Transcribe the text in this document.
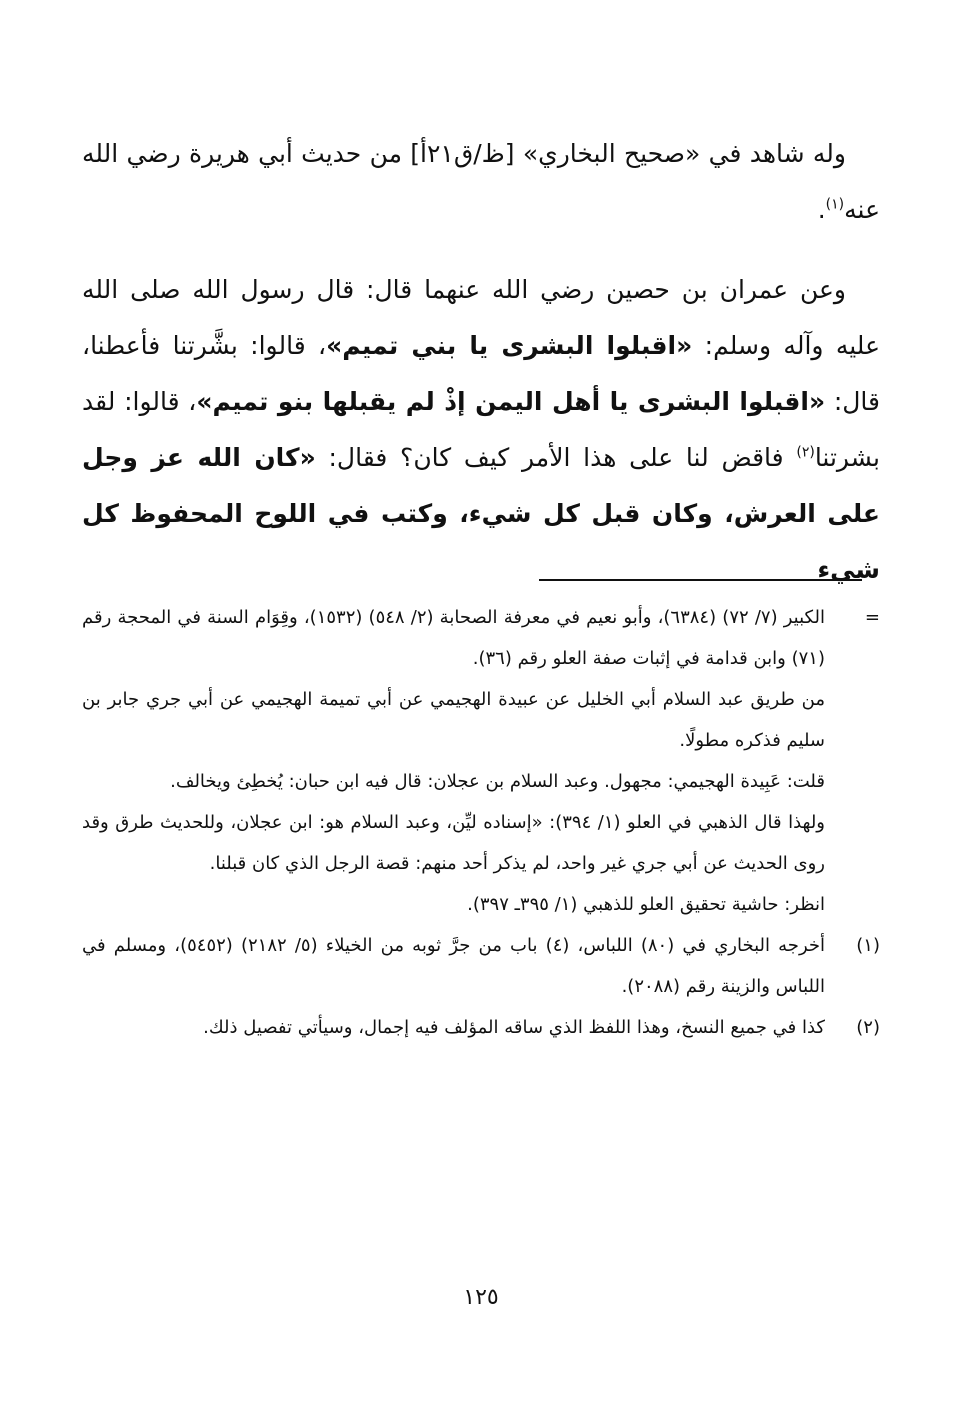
وله شاهد في «صحيح البخاري» [ظ/ق٢١أ] من حديث أبي هريرة رضي الله عنه$^{(١)}$.

وعن عمران بن حصين رضي الله عنهما قال: قال رسول الله صلى الله عليه وآله وسلم: «اقبلوا البشرى يا بني تميم»، قالوا: بشَّرتنا فأعطنا، قال: «اقبلوا البشرى يا أهل اليمن إذْ لم يقبلها بنو تميم»، قالوا: لقد بشرتنا$^{(٢)}$ فاقض لنا على هذا الأمر كيف كان؟ فقال: «كان الله عز وجل على العرش، وكان قبل كل شيء، وكتب في اللوح المحفوظ كل شيء

=

الكبير (٧/ ٧٢) (٦٣٨٤)، وأبو نعيم في معرفة الصحابة (٢/ ٥٤٨) (١٥٣٢)، وقِوَام السنة في المحجة رقم (٧١) وابن قدامة في إثبات صفة العلو رقم (٣٦).

من طريق عبد السلام أبي الخليل عن عبيدة الهجيمي عن أبي تميمة الهجيمي عن أبي جري جابر بن سليم فذكره مطولًا.

قلت: عَبِيدة الهجيمي: مجهول. وعبد السلام بن عجلان: قال فيه ابن حبان: يُخطِئ ويخالف.

ولهذا قال الذهبي في العلو (١/ ٣٩٤): «إسناده ليِّن، وعبد السلام هو: ابن عجلان، وللحديث طرق وقد روى الحديث عن أبي جري غير واحد، لم يذكر أحد منهم: قصة الرجل الذي كان قبلنا.

انظر: حاشية تحقيق العلو للذهبي (١/ ٣٩٥ـ ٣٩٧).

(١)

أخرجه البخاري في (٨٠) اللباس، (٤) باب من جرَّ ثوبه من الخيلاء (٥/ ٢١٨٢) (٥٤٥٢)، ومسلم في اللباس والزينة رقم (٢٠٨٨).

(٢)

كذا في جميع النسخ، وهذا اللفظ الذي ساقه المؤلف فيه إجمال، وسيأتي تفصيل ذلك.

١٢٥
